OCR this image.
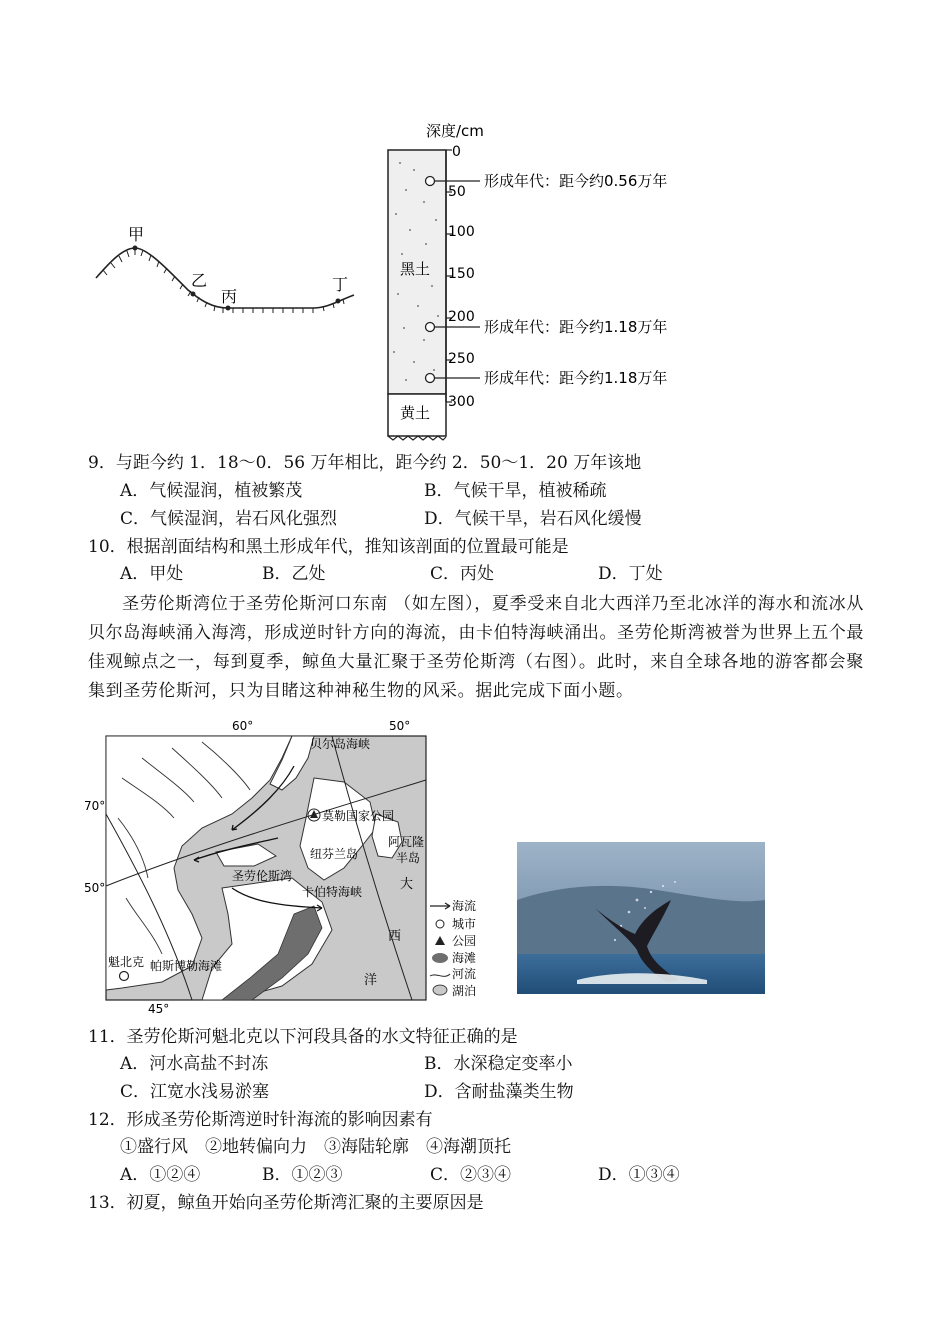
甲
乙
丙
丁
深度/cm
黑土
黄土
0
50
100
150
200
250
300
形成年代：距今约0.56万年
形成年代：距今约1.18万年
形成年代：距今约1.18万年
9．与距今约 1．18～0．56 万年相比，距今约 2．50～1．20 万年该地
A．气候湿润，植被繁茂	B．气候干旱，植被稀疏
C．气候湿润，岩石风化强烈	D．气候干旱，岩石风化缓慢
10．根据剖面结构和黑土形成年代，推知该剖面的位置最可能是
A．甲处	B．乙处	C．丙处	D．丁处
圣劳伦斯湾位于圣劳伦斯河口东南 （如左图），夏季受来自北大西洋乃至北冰洋的海水和流冰从贝尔岛海峡涌入海湾，形成逆时针方向的海流，由卡伯特海峡涌出。圣劳伦斯湾被誉为世界上五个最佳观鲸点之一，每到夏季，鲸鱼大量汇聚于圣劳伦斯湾（右图）。此时，来自全球各地的游客都会聚集到圣劳伦斯河，只为目睹这种神秘生物的风采。据此完成下面小题。
60°	50°
45°
70°
50°
贝尔岛海峡
莫勒国家公园
纽芬兰岛
阿瓦隆
半岛
阿瓦隆半岛
圣劳伦斯湾
卡伯特海峡
魁北克 帕斯博勒海滩
大
西
洋
海流
城市
公园
海滩
河流
湖泊
11．圣劳伦斯河魁北克以下河段具备的水文特征正确的是
A．河水高盐不封冻	B．水深稳定变率小
C．江宽水浅易淤塞	D．含耐盐藻类生物
12．形成圣劳伦斯湾逆时针海流的影响因素有
①盛行风　②地转偏向力　③海陆轮廓　④海潮顶托
A．①②④	B．①②③	C．②③④	D．①③④
13．初夏，鲸鱼开始向圣劳伦斯湾汇聚的主要原因是
